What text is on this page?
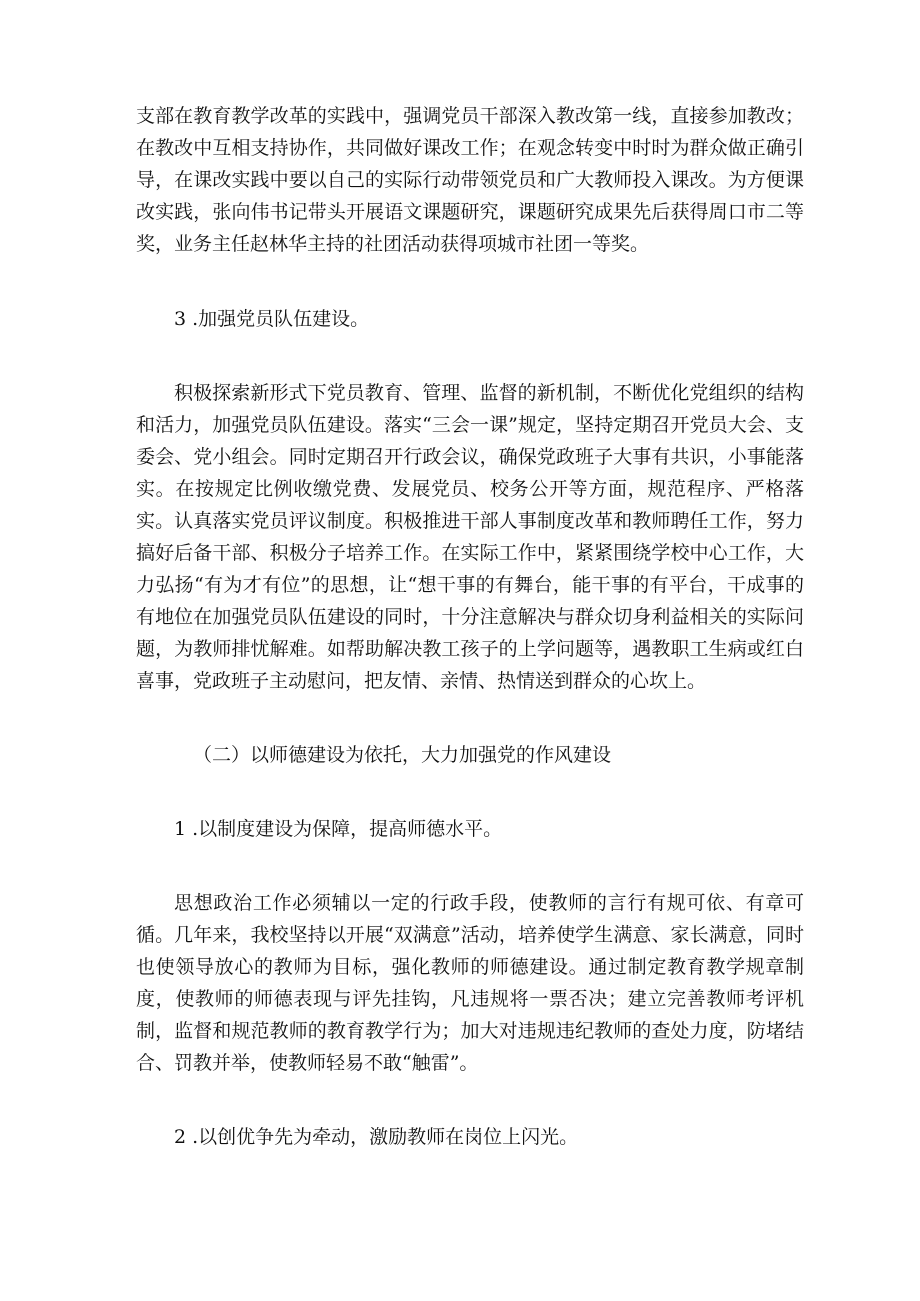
支部在教育教学改革的实践中，强调党员干部深入教改第一线，直接参加教改；在教改中互相支持协作，共同做好课改工作；在观念转变中时时为群众做正确引导，在课改实践中要以自己的实际行动带领党员和广大教师投入课改。为方便课改实践，张向伟书记带头开展语文课题研究，课题研究成果先后获得周口市二等奖，业务主任赵林华主持的社团活动获得项城市社团一等奖。

3 .加强党员队伍建设。

积极探索新形式下党员教育、管理、监督的新机制，不断优化党组织的结构和活力，加强党员队伍建设。落实“三会一课”规定，坚持定期召开党员大会、支委会、党小组会。同时定期召开行政会议，确保党政班子大事有共识，小事能落实。在按规定比例收缴党费、发展党员、校务公开等方面，规范程序、严格落实。认真落实党员评议制度。积极推进干部人事制度改革和教师聘任工作，努力搞好后备干部、积极分子培养工作。在实际工作中，紧紧围绕学校中心工作，大力弘扬“有为才有位”的思想，让“想干事的有舞台，能干事的有平台，干成事的有地位在加强党员队伍建设的同时，十分注意解决与群众切身利益相关的实际问题，为教师排忧解难。如帮助解决教工孩子的上学问题等，遇教职工生病或红白喜事，党政班子主动慰问，把友情、亲情、热情送到群众的心坎上。

（二）以师德建设为依托，大力加强党的作风建设

1 .以制度建设为保障，提高师德水平。

思想政治工作必须辅以一定的行政手段，使教师的言行有规可依、有章可循。几年来，我校坚持以开展“双满意”活动，培养使学生满意、家长满意，同时也使领导放心的教师为目标，强化教师的师德建设。通过制定教育教学规章制度，使教师的师德表现与评先挂钩，凡违规将一票否决；建立完善教师考评机制，监督和规范教师的教育教学行为；加大对违规违纪教师的查处力度，防堵结合、罚教并举，使教师轻易不敢“触雷”。

2 .以创优争先为牵动，激励教师在岗位上闪光。
